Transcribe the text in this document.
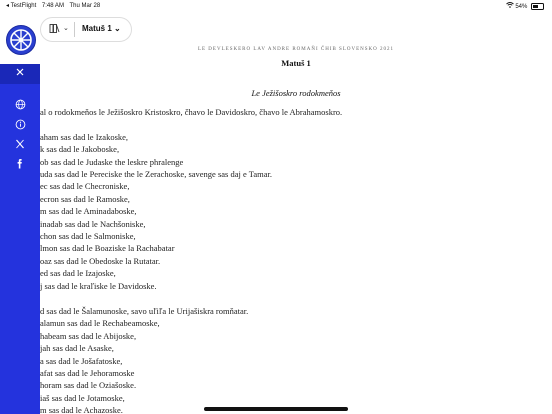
◂ TestFlight 7:48 AM Thu Mar 28	54%
⌄ Matuš 1 ⌄
LE DEVLESKERO LAV ANDRE ROMAŇI ČHIB SLOVENSKO 2021
Matuš 1
Le Ježišoskro rodokmeňos
al o rodokmeňos le Ježišoskro Kristoskro, čhavo le Davidoskro, čhavo le Abrahamoskro.
aham sas dad le Izakoske,
k sas dad le Jakoboske,
ob sas dad le Judaske the leskre phralenge
uda sas dad le Pereciske the le Zerachoske, savenge sas daj e Tamar.
ec sas dad le Checroniske,
ecron sas dad le Ramoske,
m sas dad le Aminadaboske,
inadab sas dad le Nachšoniske,
chon sas dad le Salmoniske,
lmon sas dad le Boaziske la Rachabatar
oaz sas dad le Obedoske la Rutatar.
ed sas dad le Izajoske,
j sas dad le kraľiske le Davidoske.
d sas dad le Šalamunoske, savo uľiľa le Urijašiskra romňatar.
alamun sas dad le Rechabeamoske,
habeam sas dad le Abijoske,
jah sas dad le Asaske,
a sas dad le Jošafatoske,
afat sas dad le Jehoramoske
horam sas dad le Oziašoske.
iaš sas dad le Jotamoske,
m sas dad le Achazoske.
